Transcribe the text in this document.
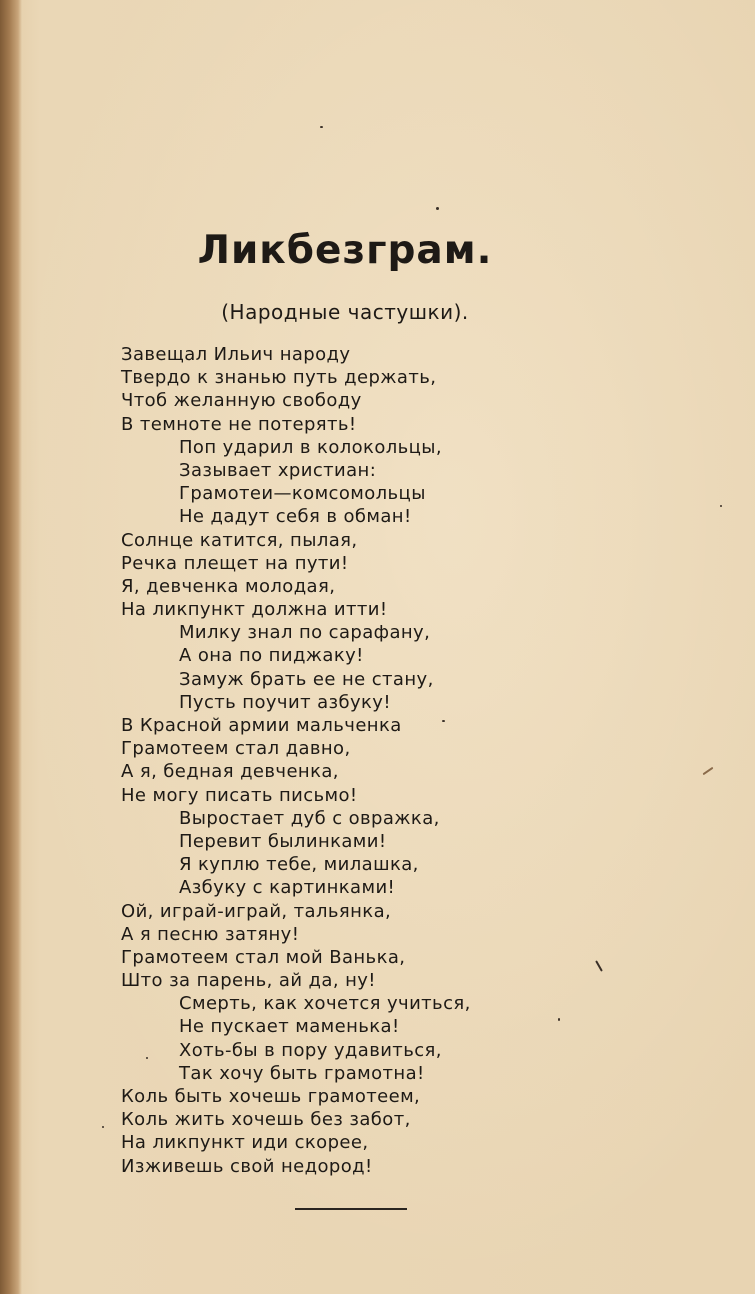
Ликбезграм.
(Народные частушки).
Завещал Ильич народу
Твердо к знанью путь держать,
Чтоб желанную свободу
В темноте не потерять!
Поп ударил в колокольцы,
Зазывает христиан:
Грамотеи—комсомольцы
Не дадут себя в обман!
Солнце катится, пылая,
Речка плещет на пути!
Я, девченка молодая,
На ликпункт должна итти!
Милку знал по сарафану,
А она по пиджаку!
Замуж брать ее не стану,
Пусть поучит азбуку!
В Красной армии мальченка
Грамотеем стал давно,
А я, бедная девченка,
Не могу писать письмо!
Выростает дуб с овражка,
Перевит былинками!
Я куплю тебе, милашка,
Азбуку с картинками!
Ой, играй-играй, тальянка,
А я песню затяну!
Грамотеем стал мой Ванька,
Што за парень, ай да, ну!
Смерть, как хочется учиться,
Не пускает маменька!
Хоть-бы в пору удавиться,
Так хочу быть грамотна!
Коль быть хочешь грамотеем,
Коль жить хочешь без забот,
На ликпункт иди скорее,
Изживешь свой недород!
